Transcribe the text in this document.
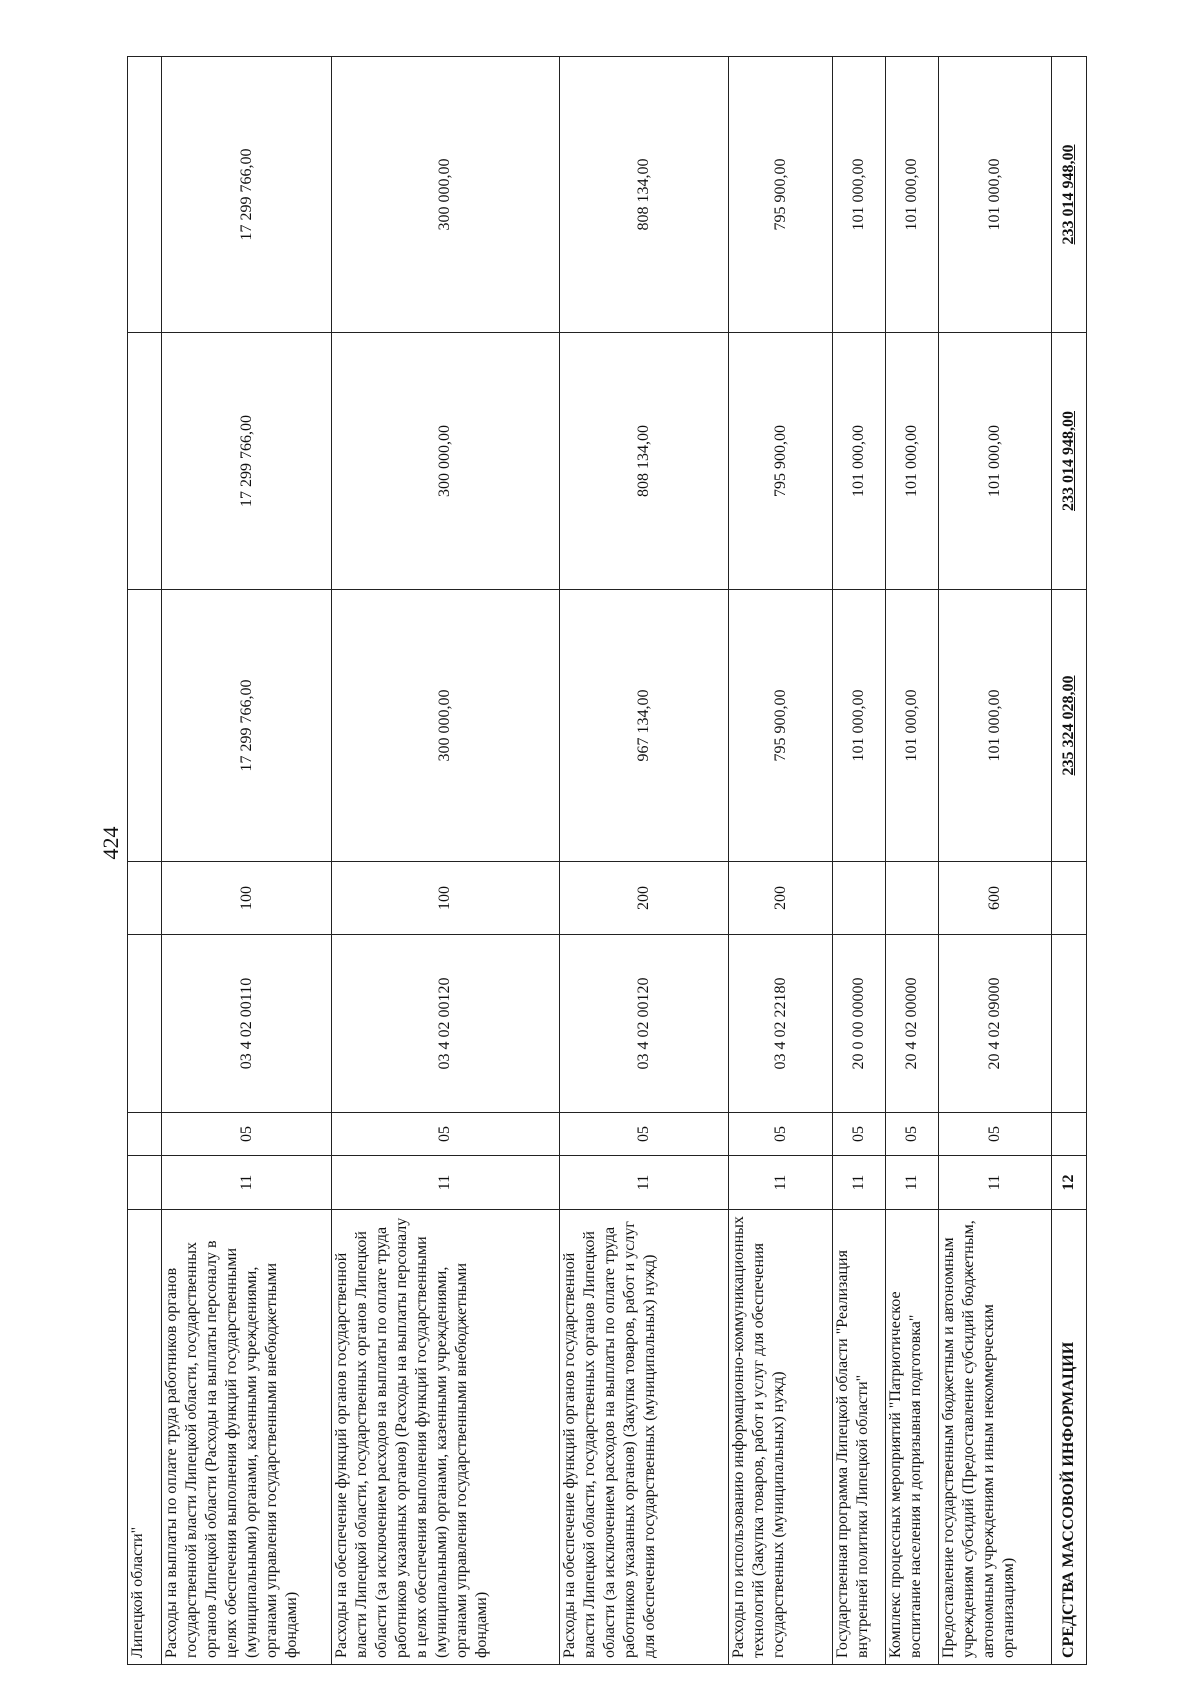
424
Липецкой области"							
Расходы на выплаты по оплате труда работников органов государственной власти Липецкой области, государственных органов Липецкой области (Расходы на выплаты персоналу в целях обеспечения выполнения функций государственными (муниципальными) органами, казенными учреждениями, органами управления государственными внебюджетными фондами)	11	05	03 4 02 00110	100	17 299 766,00	17 299 766,00	17 299 766,00
Расходы на обеспечение функций органов государственной власти Липецкой области, государственных органов Липецкой области (за исключением расходов на выплаты по оплате труда работников указанных органов) (Расходы на выплаты персоналу в целях обеспечения выполнения функций государственными (муниципальными) органами, казенными учреждениями, органами управления государственными внебюджетными фондами)	11	05	03 4 02 00120	100	300 000,00	300 000,00	300 000,00
Расходы на обеспечение функций органов государственной власти Липецкой области, государственных органов Липецкой области (за исключением расходов на выплаты по оплате труда работников указанных органов) (Закупка товаров, работ и услуг для обеспечения государственных (муниципальных) нужд)	11	05	03 4 02 00120	200	967 134,00	808 134,00	808 134,00
Расходы по использованию информационно-коммуникационных технологий (Закупка товаров, работ и услуг для обеспечения государственных (муниципальных) нужд)	11	05	03 4 02 22180	200	795 900,00	795 900,00	795 900,00
Государственная программа Липецкой области "Реализация внутренней политики Липецкой области"	11	05	20 0 00 00000		101 000,00	101 000,00	101 000,00
Комплекс процессных мероприятий "Патриотическое воспитание населения и допризывная подготовка"	11	05	20 4 02 00000		101 000,00	101 000,00	101 000,00
Предоставление государственным бюджетным и автономным учреждениям субсидий (Предоставление субсидий бюджетным, автономным учреждениям и иным некоммерческим организациям)	11	05	20 4 02 09000	600	101 000,00	101 000,00	101 000,00
СРЕДСТВА МАССОВОЙ ИНФОРМАЦИИ	12				235 324 028,00	233 014 948,00	233 014 948,00
